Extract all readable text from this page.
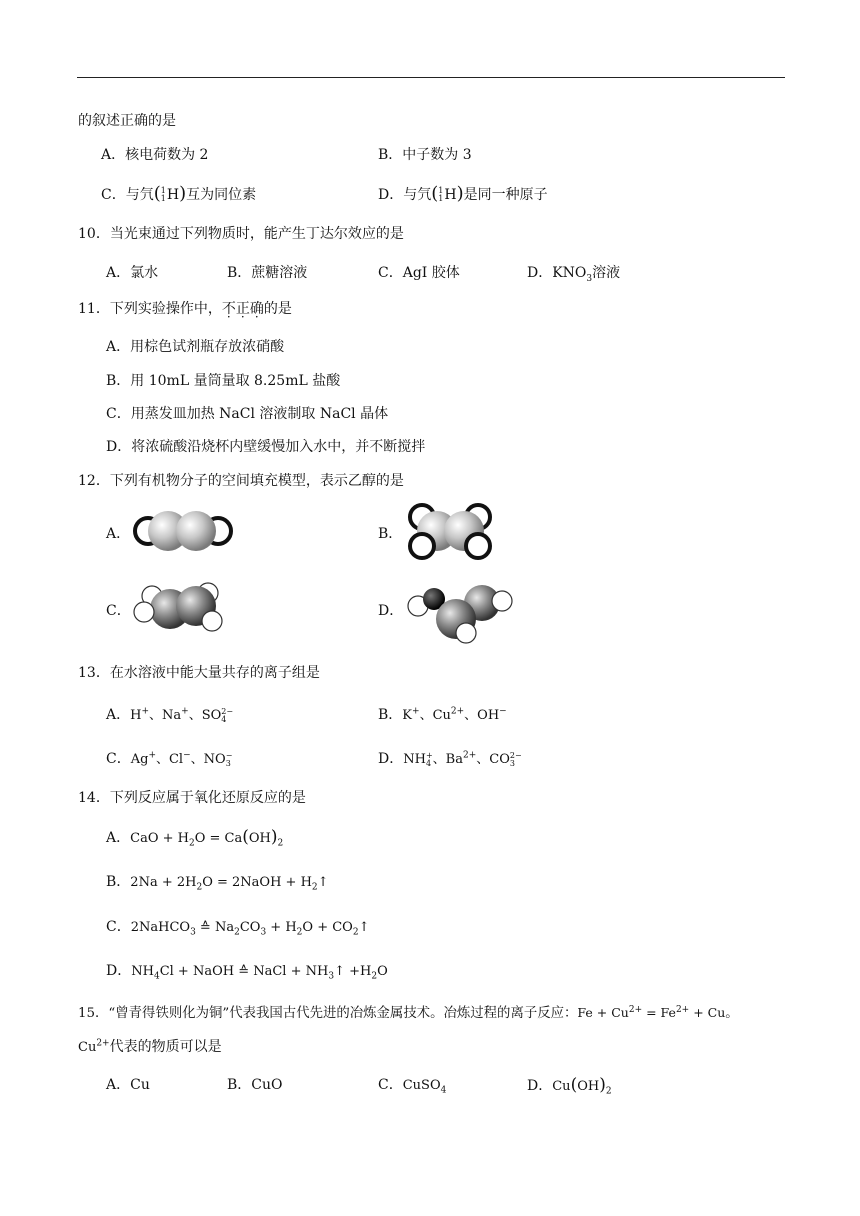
的叙述正确的是
A．核电荷数为 2	B．中子数为 3
C．与氕(1
1H)互为同位素	D．与氕(1
1H)是同一种原子
10．当光束通过下列物质时，能产生丁达尔效应的是
A．氯水	B．蔗糖溶液	C．AgI 胶体	D．$KNO_3$溶液
11．下列实验操作中，不正确的是
A．用棕色试剂瓶存放浓硝酸
B．用 10mL 量筒量取 8.25mL 盐酸
C．用蒸发皿加热 NaCl 溶液制取 NaCl 晶体
D．将浓硫酸沿烧杯内壁缓慢加入水中，并不断搅拌
12．下列有机物分子的空间填充模型，表示乙醇的是
A．	B．
C．	D．
13．在水溶液中能大量共存的离子组是
A．H+、Na+、SO2−
4	B．K+、$Cu^{2+}$、OH−
C．Ag+、Cl−、NO−
3	D．NH+
4 、$Ba^{2+}$、CO2−
3
14．下列反应属于氧化还原反应的是
A．CaO + $H_2O = Ca(OH)_2$
B．$2Na + 2H_2O$ = 2NaOH + $H_2↑$
C．2NaHCO$_3$ ≙ $Na_2CO_3 + H_2O$ + $CO_2↑$
D．$NH_4Cl$ + NaOH ≙ NaCl + $NH_3↑ +H_2O$
15．“曾青得铁则化为铜”代表我国古代先进的冶炼金属技术。冶炼过程的离子反应：$Fe + Cu^{2+} = Fe^{2+} + Cu$。
$Cu^{2+}$代表的物质可以是
A．Cu	B．CuO	C．CuSO$_4$	D．$Cu(OH)_2$
